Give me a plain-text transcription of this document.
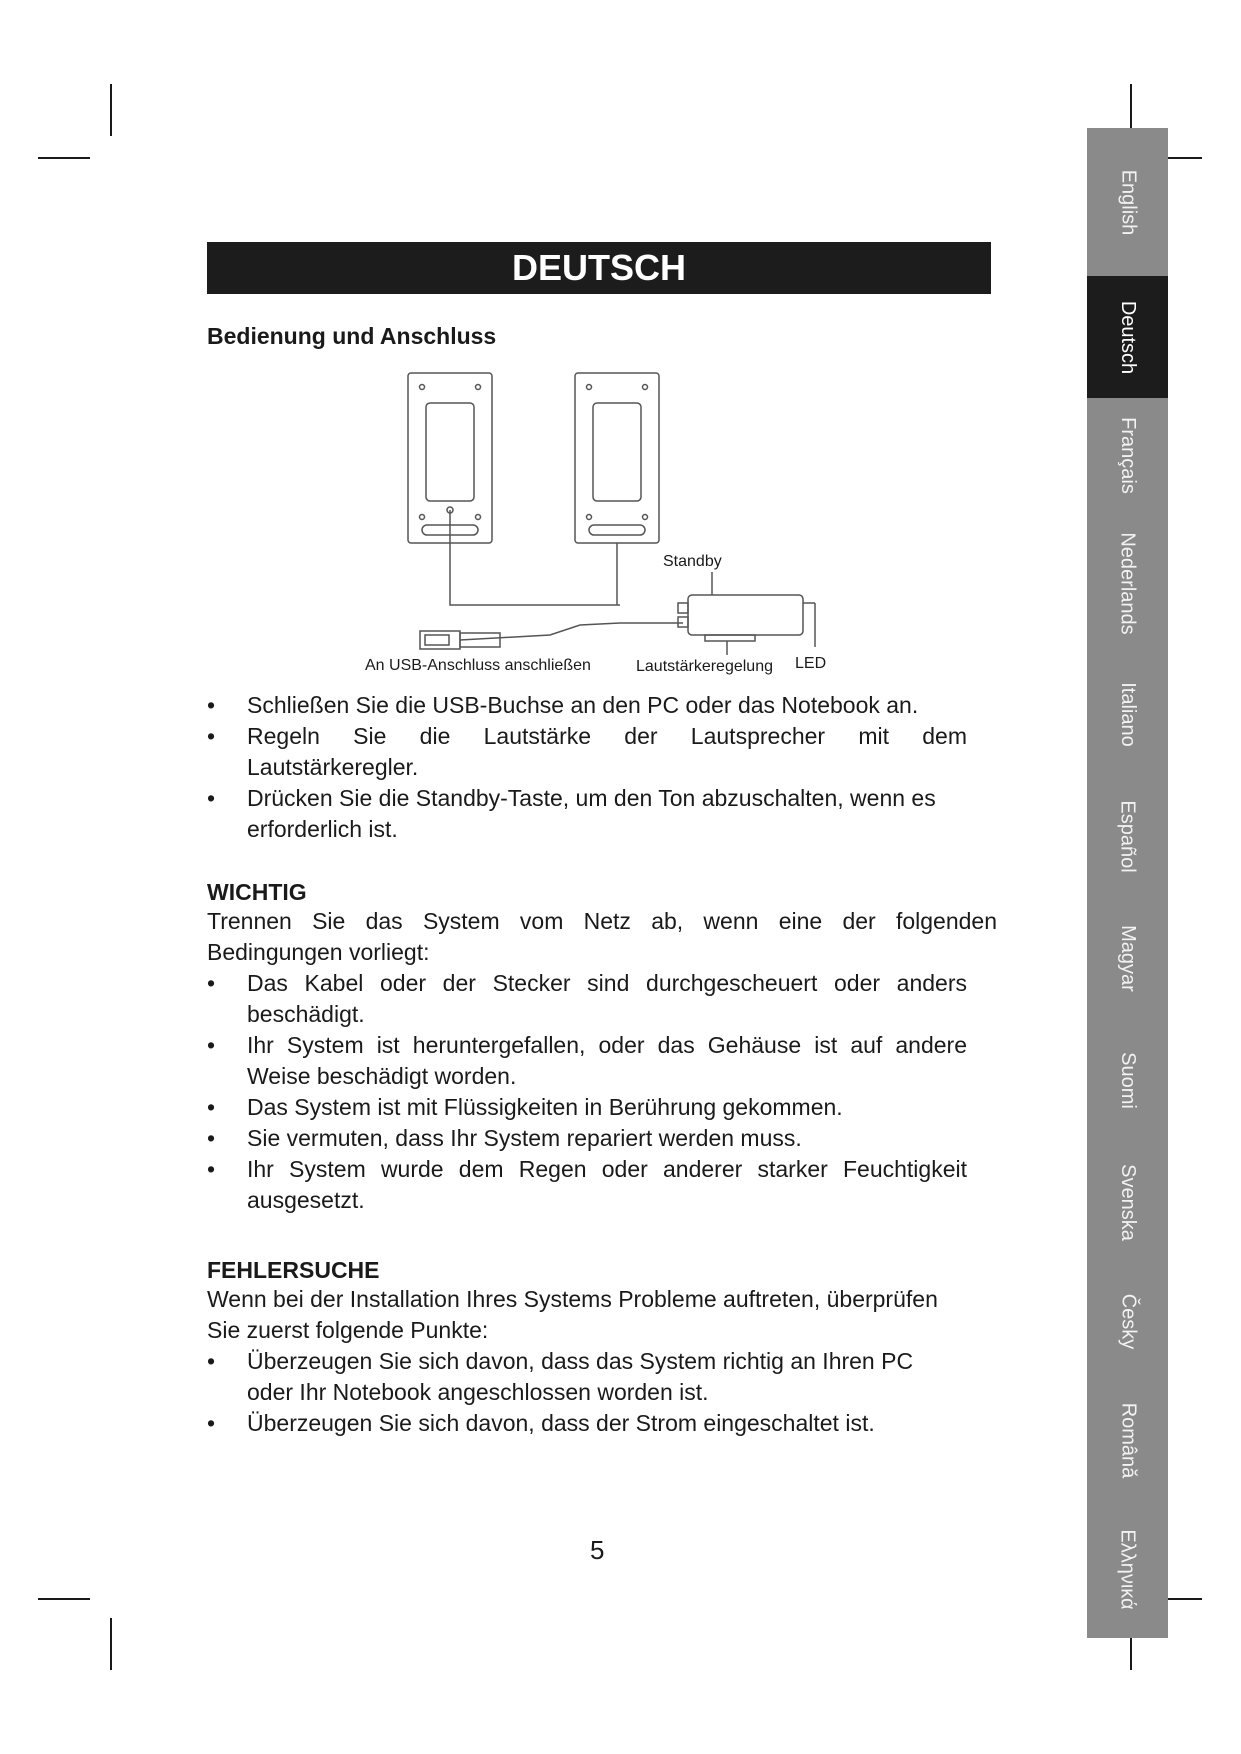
DEUTSCH
Bedienung und Anschluss
Standby
An USB-Anschluss anschließen	Lautstärkeregelung LED
• Schließen Sie die USB-Buchse an den PC oder das Notebook an.
• Regeln Sie die Lautstärke der Lautsprecher mit dem
Lautstärkeregler.
• Drücken Sie die Standby-Taste, um den Ton abzuschalten, wenn es
erforderlich ist.
WICHTIG
Trennen Sie das System vom Netz ab, wenn eine der folgenden
Bedingungen vorliegt:
• Das Kabel oder der Stecker sind durchgescheuert oder anders
beschädigt.
• Ihr System ist heruntergefallen, oder das Gehäuse ist auf andere
Weise beschädigt worden.
• Das System ist mit Flüssigkeiten in Berührung gekommen.
• Sie vermuten, dass Ihr System repariert werden muss.
• Ihr System wurde dem Regen oder anderer starker Feuchtigkeit
ausgesetzt.
FEHLERSUCHE
Wenn bei der Installation Ihres Systems Probleme auftreten, überprüfen
Sie zuerst folgende Punkte:
• Überzeugen Sie sich davon, dass das System richtig an Ihren PC
oder Ihr Notebook angeschlossen worden ist.
• Überzeugen Sie sich davon, dass der Strom eingeschaltet ist.
5
English
Deutsch
Français
Nederlands
Italiano
Español
Magyar
Suomi
Svenska
Česky
Română
Ελληνικά
